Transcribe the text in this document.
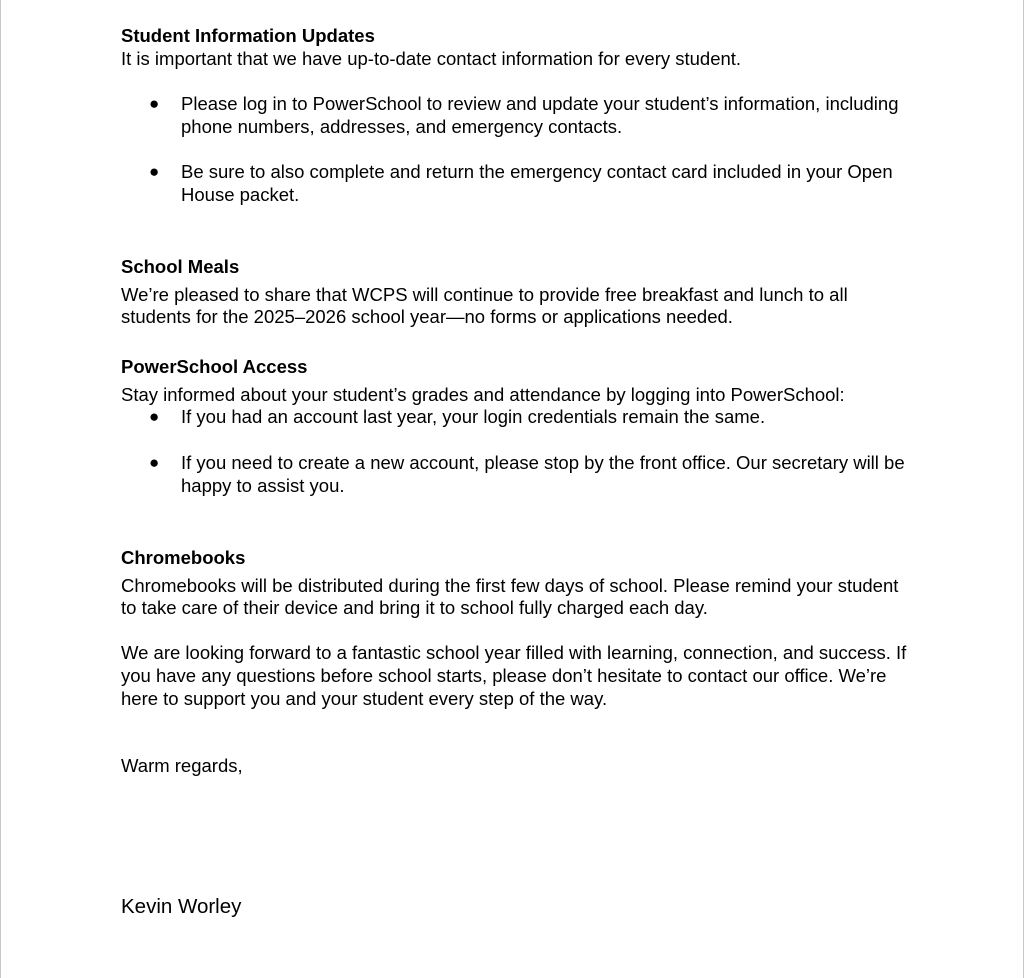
Student Information Updates
It is important that we have up-to-date contact information for every student.
●	Please log in to PowerSchool to review and update your student’s information, including
phone numbers, addresses, and emergency contacts.
●	Be sure to also complete and return the emergency contact card included in your Open
House packet.
School Meals
We’re pleased to share that WCPS will continue to provide free breakfast and lunch to all
students for the 2025–2026 school year—no forms or applications needed.
PowerSchool Access
Stay informed about your student’s grades and attendance by logging into PowerSchool:
●	If you had an account last year, your login credentials remain the same.
●	If you need to create a new account, please stop by the front office. Our secretary will be
happy to assist you.
Chromebooks
Chromebooks will be distributed during the first few days of school. Please remind your student
to take care of their device and bring it to school fully charged each day.
We are looking forward to a fantastic school year filled with learning, connection, and success. If
you have any questions before school starts, please don’t hesitate to contact our office. We’re
here to support you and your student every step of the way.
Warm regards,
Kevin Worley
